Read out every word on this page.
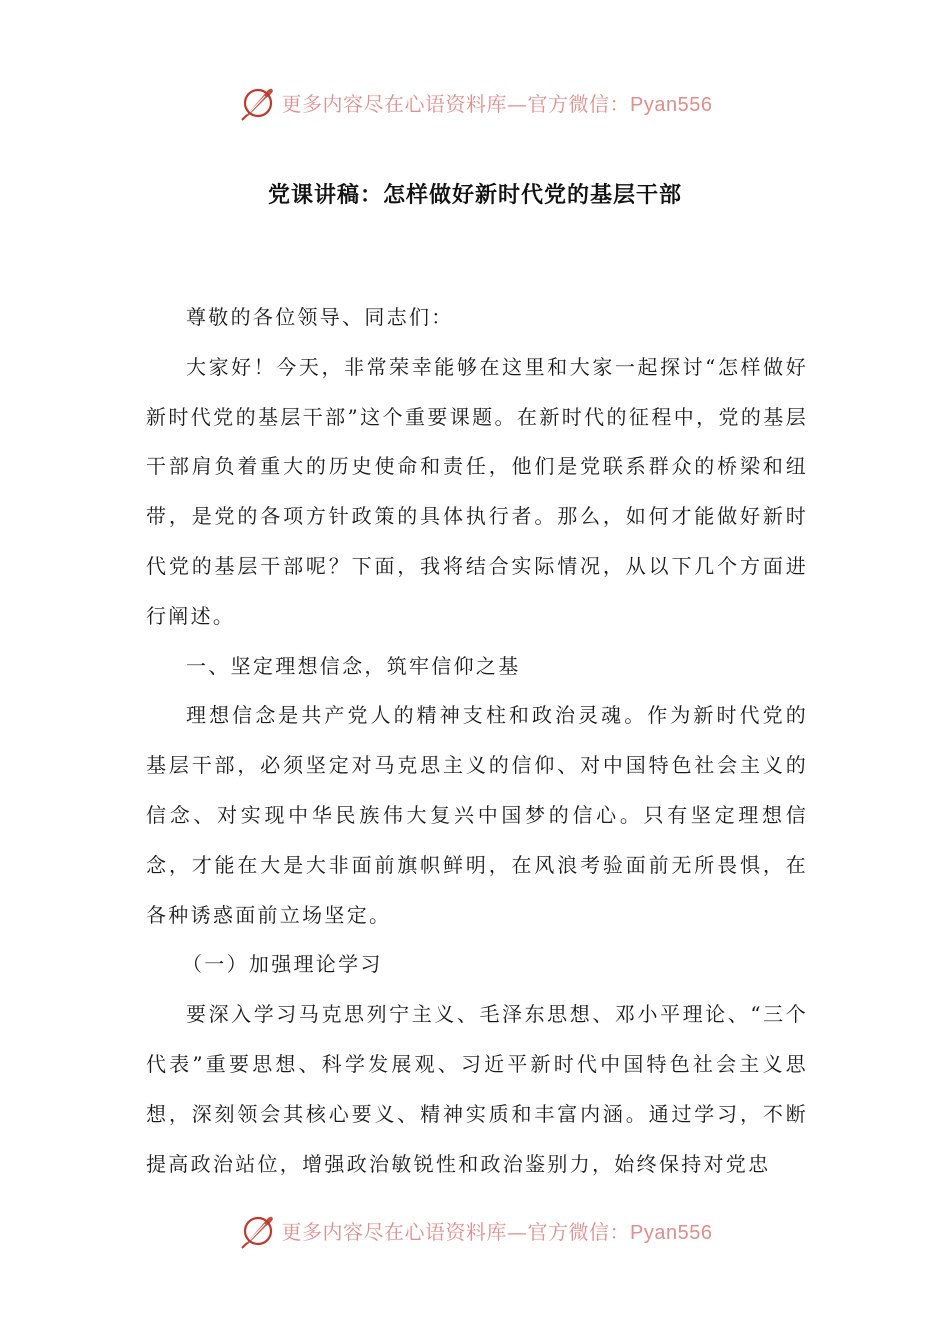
更多内容尽在心语资料库—官方微信：Pyan556
党课讲稿：怎样做好新时代党的基层干部

尊敬的各位领导、同志们：

大家好！今天，非常荣幸能够在这里和大家一起探讨“怎样做好新时代党的基层干部”这个重要课题。在新时代的征程中，党的基层干部肩负着重大的历史使命和责任，他们是党联系群众的桥梁和纽带，是党的各项方针政策的具体执行者。那么，如何才能做好新时代党的基层干部呢？下面，我将结合实际情况，从以下几个方面进行阐述。

一、坚定理想信念，筑牢信仰之基

理想信念是共产党人的精神支柱和政治灵魂。作为新时代党的基层干部，必须坚定对马克思主义的信仰、对中国特色社会主义的信念、对实现中华民族伟大复兴中国梦的信心。只有坚定理想信念，才能在大是大非面前旗帜鲜明，在风浪考验面前无所畏惧，在各种诱惑面前立场坚定。

（一）加强理论学习

要深入学习马克思列宁主义、毛泽东思想、邓小平理论、“三个代表”重要思想、科学发展观、习近平新时代中国特色社会主义思想，深刻领会其核心要义、精神实质和丰富内涵。通过学习，不断提高政治站位，增强政治敏锐性和政治鉴别力，始终保持对党忠

更多内容尽在心语资料库—官方微信：Pyan556
